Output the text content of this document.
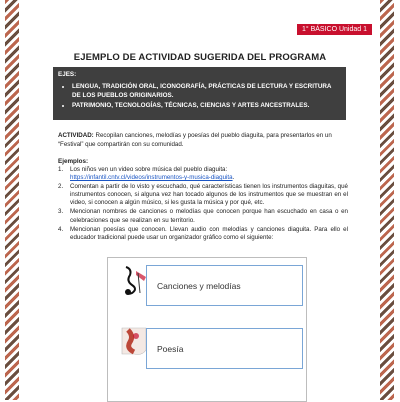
1° BÁSICO Unidad 1
EJEMPLO DE ACTIVIDAD SUGERIDA DEL PROGRAMA
EJES:
• LENGUA, TRADICIÓN ORAL, ICONOGRAFÍA, PRÁCTICAS DE LECTURA Y ESCRITURA DE LOS PUEBLOS ORIGINARIOS.
• PATRIMONIO, TECNOLOGÍAS, TÉCNICAS, CIENCIAS Y ARTES ANCESTRALES.
ACTIVIDAD: Recopilan canciones, melodías y poesías del pueblo diaguita, para presentarlos en un “Festival” que compartirán con su comunidad.
Ejemplos:
1. Los niños ven un video sobre música del pueblo diaguita:
https://infantil.cntv.cl/videos/instrumentos-y-musica-diaguita.
2. Comentan a partir de lo visto y escuchado, qué características tienen los instrumentos diaguitas, qué instrumentos conocen, si alguna vez han tocado algunos de los instrumentos que se muestran en el video, si conocen a algún músico, si les gusta la música y por qué, etc.
3. Mencionan nombres de canciones o melodías que conocen porque han escuchado en casa o en celebraciones que se realizan en su territorio.
4. Mencionan poesías que conocen. Llevan audio con melodías y canciones diaguita. Para ello el educador tradicional puede usar un organizador gráfico como el siguiente:
Canciones y melodías
Poesía
